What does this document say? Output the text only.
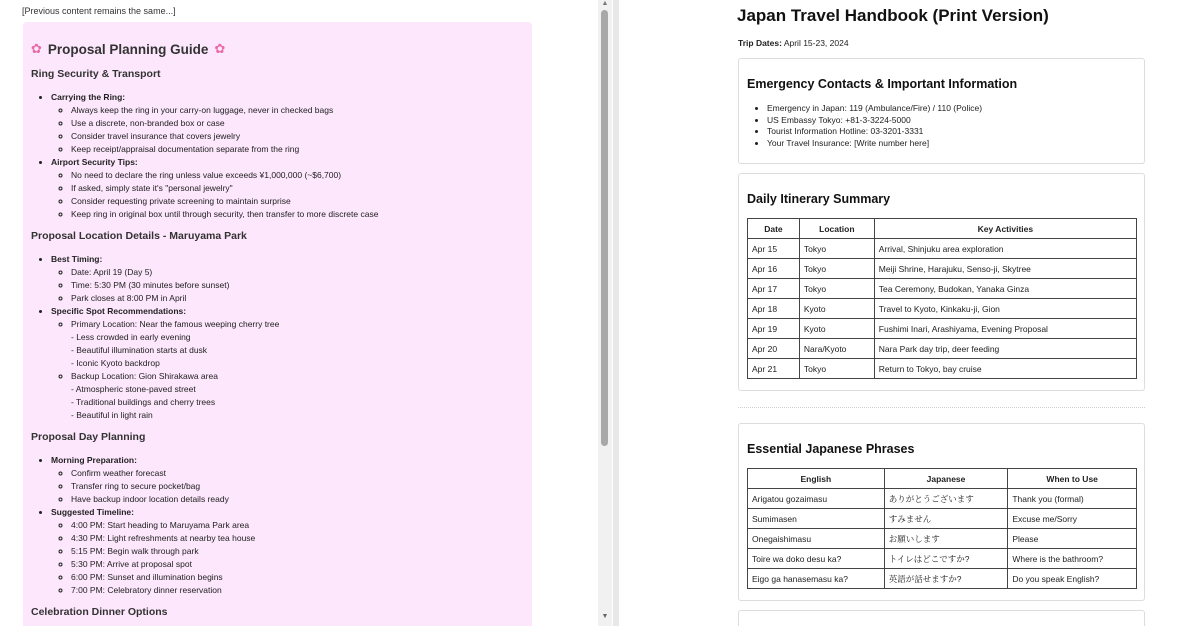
[Previous content remains the same...]
✿ Proposal Planning Guide ✿
Ring Security & Transport
• Carrying the Ring:
◦ Always keep the ring in your carry-on luggage, never in checked bags
◦ Use a discrete, non-branded box or case
◦ Consider travel insurance that covers jewelry
◦ Keep receipt/appraisal documentation separate from the ring
• Airport Security Tips:
◦ No need to declare the ring unless value exceeds ¥1,000,000 (~$6,700)
◦ If asked, simply state it's "personal jewelry"
◦ Consider requesting private screening to maintain surprise
◦ Keep ring in original box until through security, then transfer to more discrete case
Proposal Location Details - Maruyama Park
• Best Timing:
◦ Date: April 19 (Day 5)
◦ Time: 5:30 PM (30 minutes before sunset)
◦ Park closes at 8:00 PM in April
• Specific Spot Recommendations:
◦ Primary Location: Near the famous weeping cherry tree
- Less crowded in early evening
- Beautiful illumination starts at dusk
- Iconic Kyoto backdrop
◦ Backup Location: Gion Shirakawa area
- Atmospheric stone-paved street
- Traditional buildings and cherry trees
- Beautiful in light rain
Proposal Day Planning
• Morning Preparation:
◦ Confirm weather forecast
◦ Transfer ring to secure pocket/bag
◦ Have backup indoor location details ready
• Suggested Timeline:
◦ 4:00 PM: Start heading to Maruyama Park area
◦ 4:30 PM: Light refreshments at nearby tea house
◦ 5:15 PM: Begin walk through park
◦ 5:30 PM: Arrive at proposal spot
◦ 6:00 PM: Sunset and illumination begins
◦ 7:00 PM: Celebratory dinner reservation
Celebration Dinner Options
▲
▼
Japan Travel Handbook (Print Version)
Trip Dates: April 15-23, 2024
Emergency Contacts & Important Information
• Emergency in Japan: 119 (Ambulance/Fire) / 110 (Police)
• US Embassy Tokyo: +81-3-3224-5000
• Tourist Information Hotline: 03-3201-3331
• Your Travel Insurance: [Write number here]
Daily Itinerary Summary
Date	Location	Key Activities
Apr 15	Tokyo	Arrival, Shinjuku area exploration
Apr 16	Tokyo	Meiji Shrine, Harajuku, Senso-ji, Skytree
Apr 17	Tokyo	Tea Ceremony, Budokan, Yanaka Ginza
Apr 18	Kyoto	Travel to Kyoto, Kinkaku-ji, Gion
Apr 19	Kyoto	Fushimi Inari, Arashiyama, Evening Proposal
Apr 20	Nara/Kyoto	Nara Park day trip, deer feeding
Apr 21	Tokyo	Return to Tokyo, bay cruise
Essential Japanese Phrases
English	Japanese	When to Use
Arigatou gozaimasu	ありがとうございます	Thank you (formal)
Sumimasen	すみません	Excuse me/Sorry
Onegaishimasu	お願いします	Please
Toire wa doko desu ka?	トイレはどこですか?	Where is the bathroom?
Eigo ga hanasemasu ka?	英語が話せますか?	Do you speak English?
